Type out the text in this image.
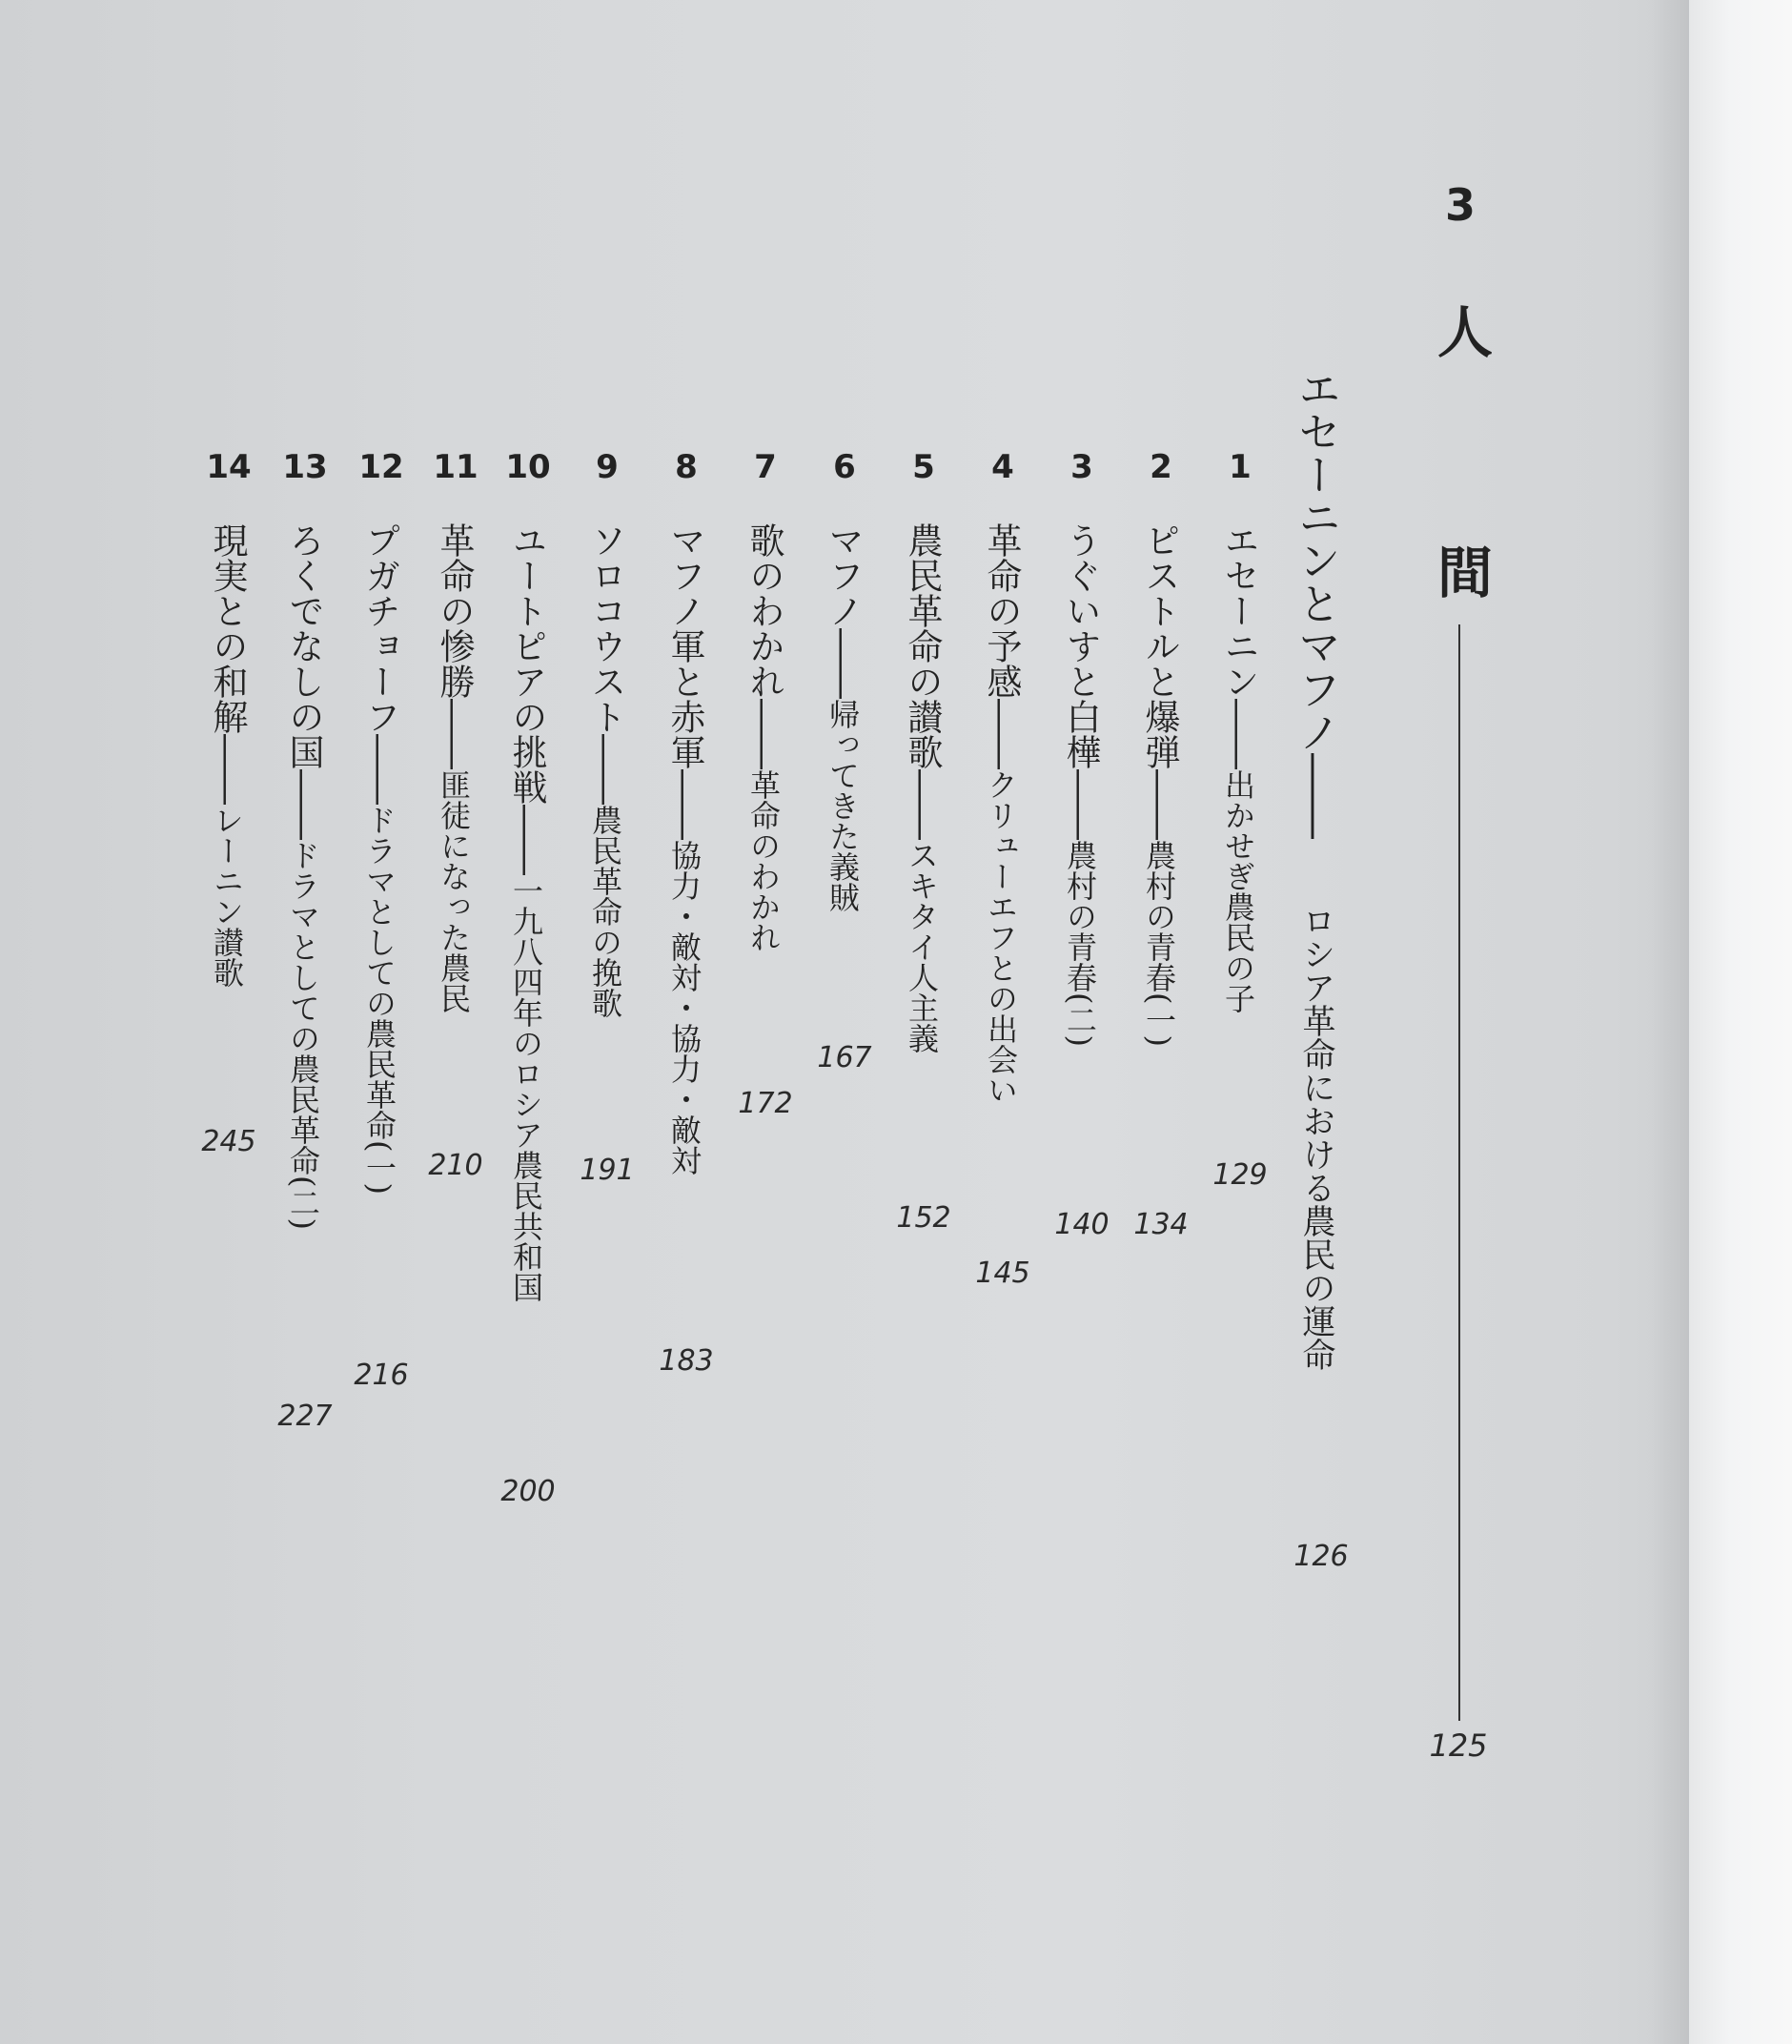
3
人
間
125
エセーニンとマフノ――
ロシア革命における農民の運命
126
1
エセーニン――出かせぎ農民の子
129
2
ピストルと爆弾――農村の青春(一)
134
3
うぐいすと白樺――農村の青春(二)
140
4
革命の予感――クリューエフとの出会い
145
5
農民革命の讃歌――スキタイ人主義
152
6
マフノ――帰ってきた義賊
167
7
歌のわかれ――革命のわかれ
172
8
マフノ軍と赤軍――協力・敵対・協力・敵対
183
9
ソロコウスト――農民革命の挽歌
191
10
ユートピアの挑戦――一九八四年のロシア農民共和国
200
11
革命の惨勝――匪徒になった農民
210
12
プガチョーフ――ドラマとしての農民革命(一)
216
13
ろくでなしの国――ドラマとしての農民革命(二)
227
14
現実との和解――レーニン讃歌
245
